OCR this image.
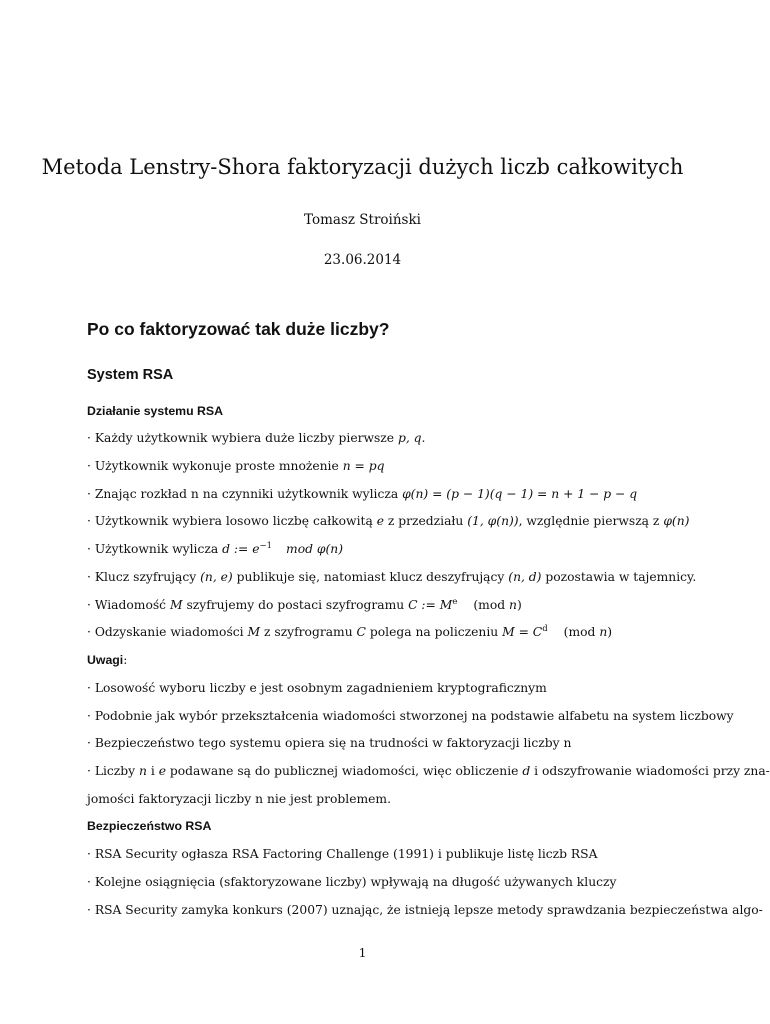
Metoda Lenstry-Shora faktoryzacji dużych liczb całkowitych
Tomasz Stroiński
23.06.2014
Po co faktoryzować tak duże liczby?
System RSA
Działanie systemu RSA
· Każdy użytkownik wybiera duże liczby pierwsze p, q.
· Użytkownik wykonuje proste mnożenie n = pq
· Znając rozkład n na czynniki użytkownik wylicza φ(n) = (p − 1)(q − 1) = n + 1 − p − q
· Użytkownik wybiera losowo liczbę całkowitą e z przedziału (1, φ(n)), względnie pierwszą z φ(n)
· Użytkownik wylicza d := $e^{-1}$ mod φ(n)
· Klucz szyfrujący (n, e) publikuje się, natomiast klucz deszyfrujący (n, d) pozostawia w tajemnicy.
· Wiadomość M szyfrujemy do postaci szyfrogramu C := $M^e$ (mod n)
· Odzyskanie wiadomości M z szyfrogramu C polega na policzeniu $M = C^d$ (mod n)
Uwagi:
· Losowość wyboru liczby e jest osobnym zagadnieniem kryptograficznym
· Podobnie jak wybór przekształcenia wiadomości stworzonej na podstawie alfabetu na system liczbowy
· Bezpieczeństwo tego systemu opiera się na trudności w faktoryzacji liczby n
· Liczby n i e podawane są do publicznej wiadomości, więc obliczenie d i odszyfrowanie wiadomości przy zna-
jomości faktoryzacji liczby n nie jest problemem.
Bezpieczeństwo RSA
· RSA Security ogłasza RSA Factoring Challenge (1991) i publikuje listę liczb RSA
· Kolejne osiągnięcia (sfaktoryzowane liczby) wpływają na długość używanych kluczy
· RSA Security zamyka konkurs (2007) uznając, że istnieją lepsze metody sprawdzania bezpieczeństwa algo-
1
